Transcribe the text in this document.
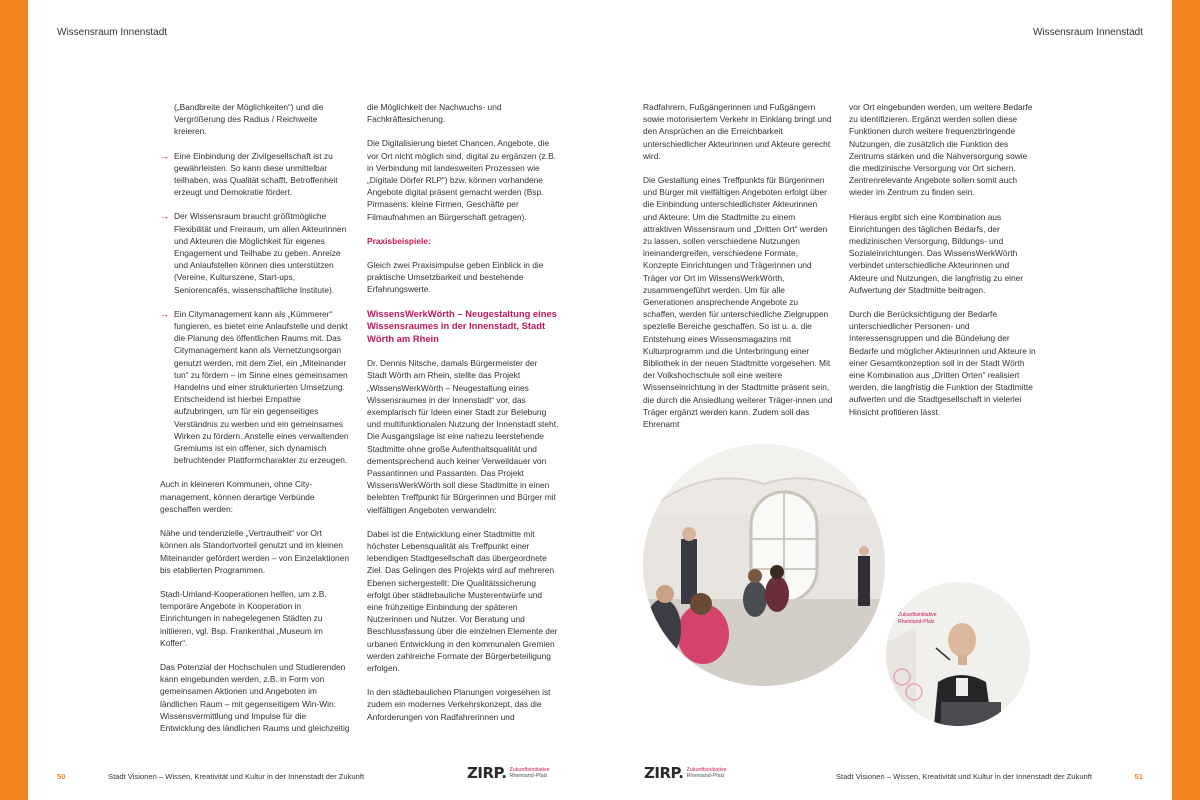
Wissensraum Innenstadt	Wissensraum Innenstadt

(„Bandbreite der Möglichkeiten“) und die Vergrößerung des Radius / Reichweite kreieren.

→ Eine Einbindung der Zivilgesellschaft ist zu gewährleisten. So kann diese unmittelbar teilhaben, was Qualität schafft, Betroffenheit erzeugt und Demokratie fördert.
→ Der Wissensraum braucht größtmögliche Flexibilität und Freiraum, um allen Akteurinnen und Akteuren die Möglichkeit für eigenes Engagement und Teilhabe zu geben. Anreize und Anlaufstellen können dies unterstützen (Vereine, Kulturszene, Start-ups, Seniorencafés, wissenschaftliche Institute).
→ Ein Citymanagement kann als „Kümmerer“ fungieren, es bietet eine Anlaufstelle und denkt die Planung des öffentlichen Raums mit. Das Citymanagement kann als Vernetzungsorgan genutzt werden, mit dem Ziel, ein „Miteinander tun“ zu fördern – im Sinne eines gemeinsamen Handelns und einer strukturierten Umsetzung. Entscheidend ist hierbei Empathie aufzubringen, um für ein gegenseitiges Verständnis zu werben und ein gemeinsames Wirken zu fördern. Anstelle eines verwaltenden Gremiums ist ein offener, sich dynamisch befruchtender Plattformcharakter zu erzeugen.

Auch in kleineren Kommunen, ohne City-management, können derartige Verbünde geschaffen werden:

Nähe und tendenzielle „Vertrautheit“ vor Ort können als Standortvorteil genutzt und im kleinen Miteinander gefördert werden – von Einzelaktionen bis etablierten Programmen.

Stadt-Umland-Kooperationen helfen, um z.B. temporäre Angebote in Kooperation in Einrichtungen in nahegelegenen Städten zu initiieren, vgl. Bsp. Frankenthal „Museum im Koffer“.

Das Potenzial der Hochschulen und Studierenden kann eingebunden werden, z.B. in Form von gemeinsamen Aktionen und Angeboten im ländlichen Raum – mit gegenseitigem Win-Win: Wissensvermittlung und Impulse für die Entwicklung des ländlichen Raums und gleichzeitig

die Möglichkeit der Nachwuchs- und Fachkräftesicherung.

Die Digitalisierung bietet Chancen, Angebote, die vor Ort nicht möglich sind, digital zu ergänzen (z.B. in Verbindung mit landesweiten Prozessen wie „Digitale Dörfer RLP“) bzw. können vorhandene Angebote digital präsent gemacht werden (Bsp. Pirmasens: kleine Firmen, Geschäfte per Filmaufnahmen an Bürgerschaft getragen).

Praxisbeispiele:

Gleich zwei Praxisimpulse geben Einblick in die praktische Umsetzbarkeit und bestehende Erfahrungswerte.

WissensWerkWörth – Neugestaltung eines Wissensraumes in der Innenstadt, Stadt Wörth am Rhein

Dr. Dennis Nitsche, damals Bürgermeister der Stadt Wörth am Rhein, stellte das Projekt „WissensWerkWörth – Neugestaltung eines Wissensraumes in der Innenstadt“ vor, das exemplarisch für Ideen einer Stadt zur Belebung und multifunktionalen Nutzung der Innenstadt steht. Die Ausgangslage ist eine nahezu leerstehende Stadtmitte ohne große Aufenthaltsqualität und dementsprechend auch keiner Verweildauer von Passantinnen und Passanten. Das Projekt WissensWerkWörth soll diese Stadtmitte in einen belebten Treffpunkt für Bürgerinnen und Bürger mit vielfältigen Angeboten verwandeln:

Dabei ist die Entwicklung einer Stadtmitte mit höchster Lebensqualität als Treffpunkt einer lebendigen Stadtgesellschaft das übergeordnete Ziel. Das Gelingen des Projekts wird auf mehreren Ebenen sichergestellt: Die Qualitätssicherung erfolgt über städtebauliche Musterentwürfe und eine frühzeitige Einbindung der späteren Nutzerinnen und Nutzer. Vor Beratung und Beschlussfassung über die einzelnen Elemente der urbanen Entwicklung in den kommunalen Gremien werden zahlreiche Formate der Bürgerbeteiligung erfolgen.

In den städtebaulichen Planungen vorgesehen ist zudem ein modernes Verkehrskonzept, das die Anforderungen von Radfahrerinnen und

Radfahrern, Fußgängerinnen und Fußgängern sowie motorisiertem Verkehr in Einklang bringt und den Ansprüchen an die Erreichbarkeit unterschiedlicher Akteurinnen und Akteure gerecht wird.

Die Gestaltung eines Treffpunkts für Bürgerinnen und Bürger mit vielfältigen Angeboten erfolgt über die Einbindung unterschiedlichster Akteurinnen und Akteure: Um die Stadtmitte zu einem attraktiven Wissensraum und „Dritten Ort“ werden zu lassen, sollen verschiedene Nutzungen ineinandergreifen, verschiedene Formate, Konzepte Einrichtungen und Trägerinnen und Träger vor Ort im WissensWerkWörth, zusammengeführt werden. Um für alle Generationen ansprechende Angebote zu schaffen, werden für unterschiedliche Zielgruppen spezielle Bereiche geschaffen. So ist u. a. die Entstehung eines Wissensmagazins mit Kulturprogramm und die Unterbringung einer Bibliothek in der neuen Stadtmitte vorgesehen. Mit der Volkshochschule soll eine weitere Wissenseinrichtung in der Stadtmitte präsent sein, die durch die Ansiedlung weiterer Träger-innen und Träger ergänzt werden kann. Zudem soll das Ehrenamt

vor Ort eingebunden werden, um weitere Bedarfe zu identifizieren. Ergänzt werden sollen diese Funktionen durch weitere frequenzbringende Nutzungen, die zusätzlich die Funktion des Zentrums stärken und die Nahversorgung sowie die medizinische Versorgung vor Ort sichern. Zentrenrelevante Angebote sollen somit auch wieder im Zentrum zu finden sein.

Hieraus ergibt sich eine Kombination aus Einrichtungen des täglichen Bedarfs, der medizinischen Versorgung, Bildungs- und Sozialeinrichtungen. Das WissensWerkWörth verbindet unterschiedliche Akteurinnen und Akteure und Nutzungen, die langfristig zu einer Aufwertung der Stadtmitte beitragen.

Durch die Berücksichtigung der Bedarfe unterschiedlicher Personen- und Interessensgruppen und die Bündelung der Bedarfe und möglicher Akteurinnen und Akteure in einer Gesamtkonzeption soll in der Stadt Wörth eine Kombination aus „Dritten Orten“ realisiert werden, die langfristig die Funktion der Stadtmitte aufwerten und die Stadtgesellschaft in vielerlei Hinsicht profitieren lässt.

Zukunftsinitiative Rheinland-Pfalz
50	Stadt Visionen – Wissen, Kreativität und Kultur in der Innenstadt der Zukunft	ZIRP. Zukunftsinitiative
Rheinland-Pfalz	ZIRP. Zukunftsinitiative
Rheinland-Pfalz	Stadt Visionen – Wissen, Kreativität und Kultur in der Innenstadt der Zukunft	51
